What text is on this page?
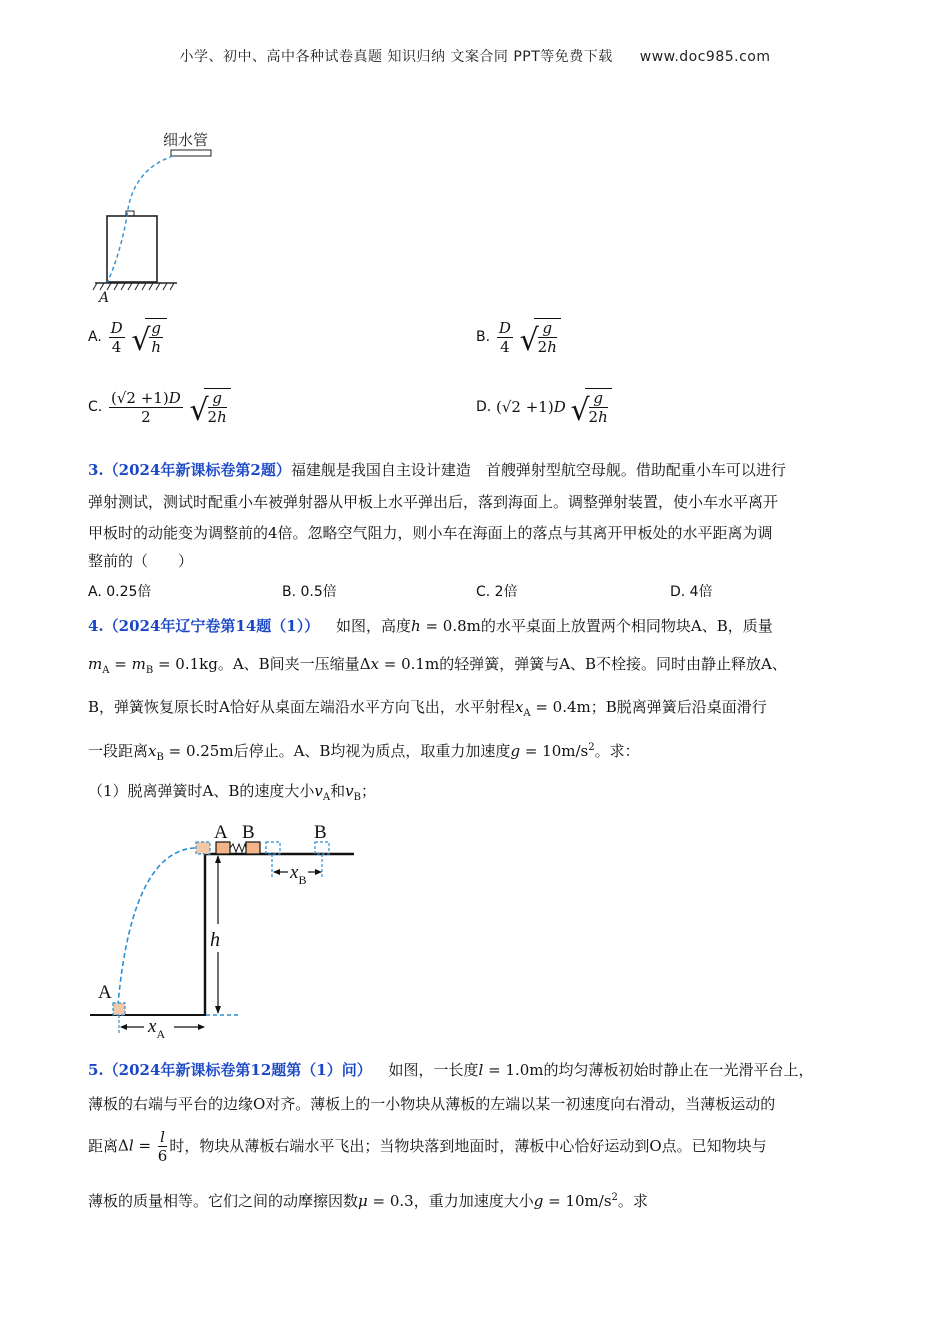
小学、初中、高中各种试卷真题 知识归纳 文案合同 PPT等免费下载 www.doc985.com
细水管
A
A. $\frac{D}{4}$
√
$\frac{g}{h}$	B. $\frac{D}{4}$
√
$\frac{g}{2h}$
C. $\frac{(√2 +1)D}{2}$
√
$\frac{g}{2h}$	D. (√2 +1)D √
$\frac{g}{2h}$
3.（2024年新课标卷第2题）福建舰是我国自主设计建造　首艘弹射型航空母舰。借助配重小车可以进行
弹射测试，测试时配重小车被弹射器从甲板上水平弹出后，落到海面上。调整弹射装置，使小车水平离开
甲板时的动能变为调整前的4倍。忽略空气阻力，则小车在海面上的落点与其离开甲板处的水平距离为调
整前的（　　）
A. 0.25倍	B. 0.5倍	C. 2倍	D. 4倍
4.（2024年辽宁卷第14题（1）） 如图，高度h = 0.8m的水平桌面上放置两个相同物块A、B，质量
$m_A = m_B = 0.1kg$。A、B间夹一压缩量Δx = 0.1m的轻弹簧，弹簧与A、B不栓接。同时由静止释放A、
B，弹簧恢复原长时A恰好从桌面左端沿水平方向飞出，水平射程$x_A = 0.4m$；B脱离弹簧后沿桌面滑行
一段距离$x_B = 0.25m$后停止。A、B均视为质点，取重力加速度$g = 10m/s^2$。求：
（1）脱离弹簧时A、B的速度大小$v_A$和$v_B$；
A B	B
$x_B$
h
A
$x_A$
5.（2024年新课标卷第12题第（1）问） 如图，一长度l = 1.0m的均匀薄板初始时静止在一光滑平台上，
薄板的右端与平台的边缘O对齐。薄板上的一小物块从薄板的左端以某一初速度向右滑动，当薄板运动的
距离 $\Delta l = \frac{l}{6}$ 时，物块从薄板右端水平飞出；当物块落到地面时，薄板中心恰好运动到O点。已知物块与
薄板的质量相等。它们之间的动摩擦因数μ = 0.3，重力加速度大小$g = 10m/s^2$。求
